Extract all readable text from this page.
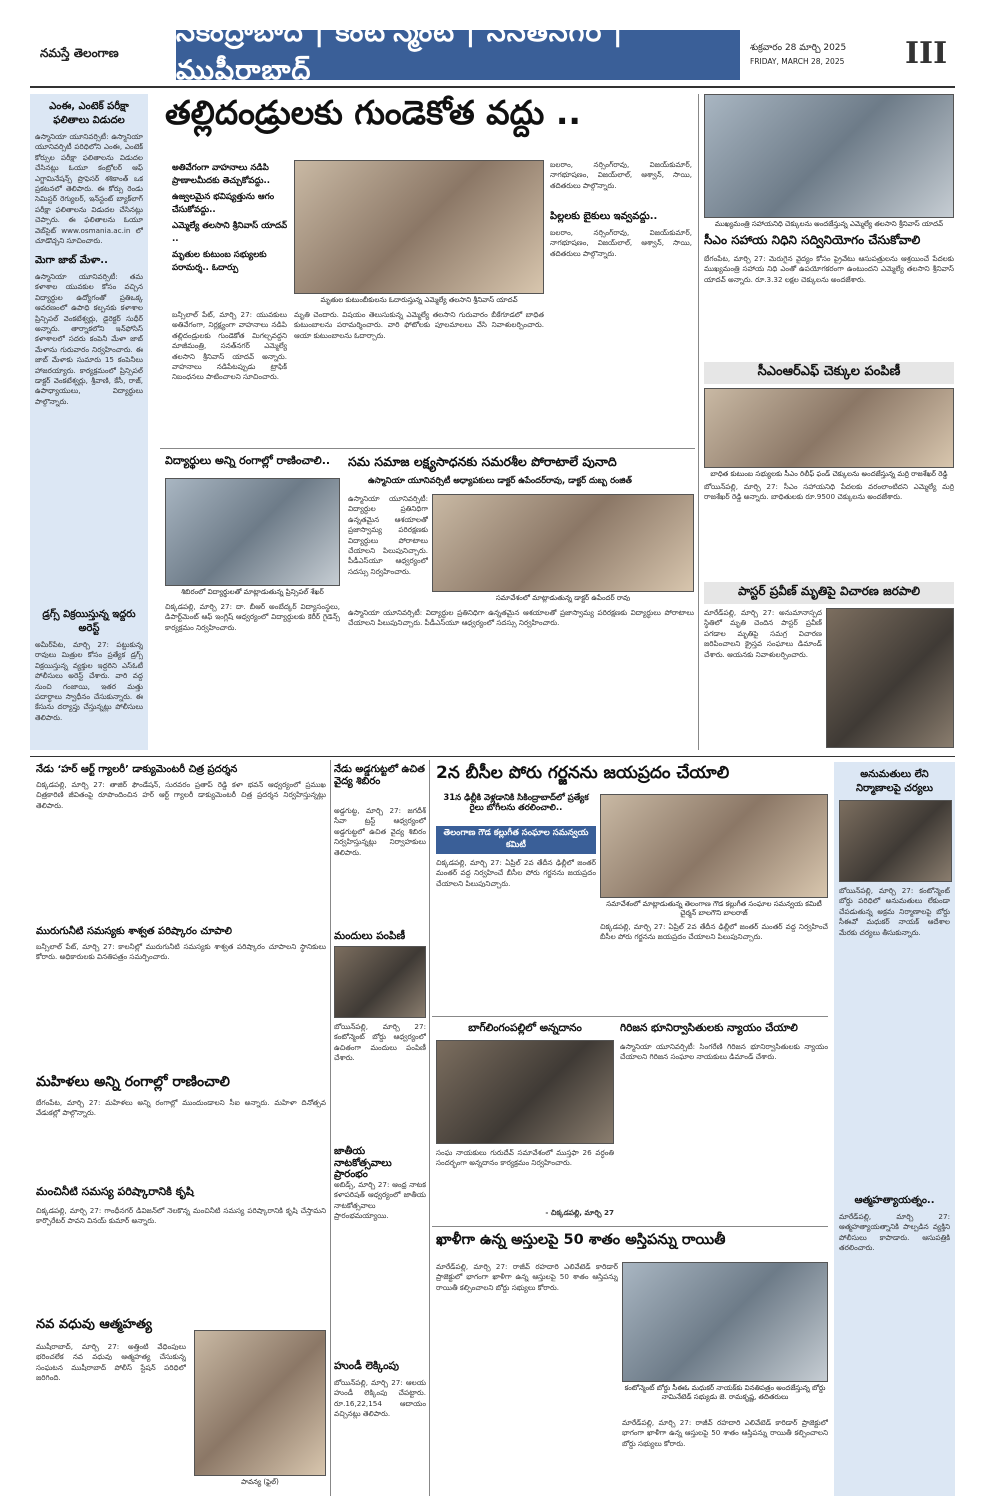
నమస్తే తెలంగాణ
సికింద్రాబాద్ | కంటోన్మెంట్ | సనత్‌నగర్ | ముషీరాబాద్
శుక్రవారం 28 మార్చి 2025
FRIDAY, MARCH 28, 2025	III
ఎంఈ, ఎంటెక్ పరీక్షా ఫలితాలు విడుదల
ఉస్మానియా యూనివర్సిటీ: ఉస్మానియా యూనివర్సిటీ పరిధిలోని ఎంఈ, ఎంటెక్ కోర్సుల పరీక్షా ఫలితాలను విడుదల చేసినట్లు ఓయూ కంట్రోలర్ ఆఫ్ ఎగ్జామినేషన్స్ ప్రొఫెసర్ శశికాంత్ ఒక ప్రకటనలో తెలిపారు. ఈ కోర్సు రెండు సెమిస్టర్ రెగ్యులర్, ఇన్‌స్టంట్ బ్యాక్‌లాగ్ పరీక్షా ఫలితాలను విడుదల చేసినట్లు చెప్పారు. ఈ ఫలితాలను ఓయూ వెబ్‌సైట్ www.osmania.ac.in లో చూడొచ్చని సూచించారు.
మెగా జాబ్ మేళా..
ఉస్మానియా యూనివర్సిటీ: తమ కళాశాల యువకుల కోసం వచ్చిన విద్యార్థుల ఉద్యోగంతో ప్రతిఒక్క ఆవరణంలో ఉపాధి కల్పనకు కళాశాల ప్రిన్సిపల్ వెంకటేశ్వర్లు, డైరెక్టర్ సుధీర్ అన్నారు. తార్నాకలోని ఇన్‌ఫోసిస్ కళాశాలలో సదరు కంపెనీ మేళా జాబ్ మేళాను గురువారం నిర్వహించారు. ఈ జాబ్ మేళాకు సుమారు 15 కంపెనీలు హాజరయ్యారు. కార్యక్రమంలో ప్రిన్సిపల్ డాక్టర్ వెంకటేశ్వర్లు, శ్రీవాణి, కేసీ, రాజ్, ఉపాధ్యాయులు, విద్యార్థులు పాల్గొన్నారు.
డ్రగ్స్ విక్రయిస్తున్న ఇద్దరు అరెస్ట్
అమీర్‌పేట, మార్చి 27: పట్టుకున్న రావులు మిత్రుల కోసం ప్రత్యేక డ్రగ్స్ విక్రయిస్తున్న వ్యక్తుల ఇద్దరిని ఎస్‌ఓటీ పోలీసులు అరెస్ట్ చేశారు. వారి వద్ద నుంచి గంజాయి, ఇతర మత్తు పదార్థాలు స్వాధీనం చేసుకున్నారు. ఈ కేసును దర్యాప్తు చేస్తున్నట్లు పోలీసులు తెలిపారు.
తల్లిదండ్రులకు గుండెకోత వద్దు ..
అతివేగంగా వాహనాలు నడిపి ప్రాణాలమీదకు తెచ్చుకోవద్దు..
ఉజ్వలమైన భవిష్యత్తును ఆగం చేసుకోవద్దు..
ఎమ్మెల్యే తలసాని శ్రీనివాస్ యాదవ్ ..
మృతుల కుటుంబ సభ్యులకు పరామర్శ.. ఓదార్పు
మృతుల కుటుంబీకులను ఓదారుస్తున్న ఎమ్మెల్యే తలసాని శ్రీనివాస్ యాదవ్
బలరాం, నర్సింగ్‌రావు, విజయ్‌కుమార్, నాగభూషణం, విజయ్‌లాల్, ఆశ్వాన్, సాయి, తదితరులు పాల్గొన్నారు.
పిల్లలకు బైకులు ఇవ్వవద్దు..
బన్సీలాల్‌ పేట్, మార్చి 27: యువకులు అతివేగంగా, నిర్లక్ష్యంగా వాహనాలు నడిపి తల్లిదండ్రులకు గుండెకోత మిగల్చవద్దని మాజీమంత్రి, సనత్‌నగర్ ఎమ్మెల్యే తలసాని శ్రీనివాస్ యాదవ్ అన్నారు. వాహనాలు నడిపేటప్పుడు ట్రాఫిక్ నిబంధనలు పాటించాలని సూచించారు.
మృతి చెందారు. విషయం తెలుసుకున్న ఎమ్మెల్యే తలసాని గురువారం బీకేగూడలో బాధిత కుటుంబాలను పరామర్శించారు. వారి ఫోటోలకు పూలమాలలు వేసి నివాళులర్పించారు. ఆయా కుటుంబాలను ఓదార్చారు.
బలరాం, నర్సింగ్‌రావు, విజయ్‌కుమార్, నాగభూషణం, విజయ్‌లాల్, ఆశ్వాన్, సాయి, తదితరులు పాల్గొన్నారు.
ముఖ్యమంత్రి సహాయనిధి చెక్కులను అందజేస్తున్న ఎమ్మెల్యే తలసాని శ్రీనివాస్ యాదవ్
సీఎం సహాయ నిధిని సద్వినియోగం చేసుకోవాలి
బేగంపేట, మార్చి 27: మెరుగైన వైద్యం కోసం ప్రైవేటు ఆసుపత్రులను ఆశ్రయించే పేదలకు ముఖ్యమంత్రి సహాయ నిధి ఎంతో ఉపయోగకరంగా ఉంటుందని ఎమ్మెల్యే తలసాని శ్రీనివాస్ యాదవ్ అన్నారు. రూ.3.32 లక్షల చెక్కులను అందజేశారు.
సీఎంఆర్ఎఫ్ చెక్కుల పంపిణీ
బాధిత కుటుంబ సభ్యులకు సీఎం రిలీఫ్ ఫండ్ చెక్కులను అందజేస్తున్న మర్రి రాజశేఖర్ రెడ్డి
బోయిన్‌పల్లి, మార్చి 27: సీఎం సహాయనిధి పేదలకు వరంలాంటిదని ఎమ్మెల్యే మర్రి రాజశేఖర్ రెడ్డి అన్నారు. బాధితులకు రూ.9500 చెక్కులను అందజేశారు.
పాస్టర్ ప్రవీణ్ మృతిపై విచారణ జరపాలి
మారేడ్‌పల్లి, మార్చి 27: అనుమానాస్పద స్థితిలో మృతి చెందిన పాస్టర్ ప్రవీణ్ పగడాల మృతిపై సమగ్ర విచారణ జరిపించాలని క్రైస్తవ సంఘాలు డిమాండ్ చేశారు. ఆయనకు నివాళులర్పించారు.
విద్యార్థులు అన్ని రంగాల్లో రాణించాలి..
శిబిరంలో విద్యార్థులతో మాట్లాడుతున్న ప్రిన్సిపల్ శేఖర్
చిక్కడపల్లి, మార్చి 27: దా. బీఆర్ అంబేద్కర్ విద్యాసంస్థలు, డిపార్ట్‌మెంట్ ఆఫ్ ఇంగ్లిష్ ఆధ్వర్యంలో విద్యార్థులకు కెరీర్ గైడెన్స్ కార్యక్రమం నిర్వహించారు.
సమ సమాజ లక్ష్యసాధనకు సమరశీల పోరాటాలే పునాది
ఉస్మానియా యూనివర్సిటీ అధ్యాపకులు డాక్టర్ ఉపేందర్‌రావు, డాక్టర్ దుబ్బ రంజిత్
ఉస్మానియా యూనివర్సిటీ: విద్యార్థుల ప్రతినిధిగా ఉన్నతమైన ఆశయాలతో ప్రజాస్వామ్య పరిరక్షణకు విద్యార్థులు పోరాటాలు చేయాలని పిలుపునిచ్చారు. పీడీఎస్‌యూ ఆధ్వర్యంలో సదస్సు నిర్వహించారు.
సమావేశంలో మాట్లాడుతున్న డాక్టర్ ఉపేందర్ రావు
ఉస్మానియా యూనివర్సిటీ: విద్యార్థుల ప్రతినిధిగా ఉన్నతమైన ఆశయాలతో ప్రజాస్వామ్య పరిరక్షణకు విద్యార్థులు పోరాటాలు చేయాలని పిలుపునిచ్చారు. పీడీఎస్‌యూ ఆధ్వర్యంలో సదస్సు నిర్వహించారు.
నేడు ‘హర్ ఆర్ట్ గ్యాలరీ’ డాక్యుమెంటరీ చిత్ర ప్రదర్శన
చిక్కడపల్లి, మార్చి 27: తాజిర్ ఫౌండేషన్, సురవరం ప్రతాప్ రెడ్డి కళా భవన్ ఆధ్వర్యంలో ప్రముఖ చిత్రకారిణి జీవితంపై రూపొందించిన హర్ ఆర్ట్ గ్యాలరీ డాక్యుమెంటరీ చిత్ర ప్రదర్శన నిర్వహిస్తున్నట్లు తెలిపారు.
మురుగునీటి సమస్యకు శాశ్వత పరిష్కారం చూపాలి
బన్సీలాల్ పేట్, మార్చి 27: కాలనీల్లో మురుగునీటి సమస్యకు శాశ్వత పరిష్కారం చూపాలని స్థానికులు కోరారు. అధికారులకు వినతిపత్రం సమర్పించారు.
మహిళలు అన్ని రంగాల్లో రాణించాలి
బేగంపేట, మార్చి 27: మహిళలు అన్ని రంగాల్లో ముందుండాలని సీఐ అన్నారు. మహిళా దినోత్సవ వేడుకల్లో పాల్గొన్నారు.
మంచినీటి సమస్య పరిష్కారానికి కృషి
చిక్కడపల్లి, మార్చి 27: గాంధీనగర్ డివిజన్‌లో నెలకొన్న మంచినీటి సమస్య పరిష్కారానికి కృషి చేస్తామని కార్పొరేటర్ పావని వినయ్ కుమార్ అన్నారు.
నవ వధువు ఆత్మహత్య
ముషీరాబాద్, మార్చి 27: అత్తింటి వేధింపులు భరించలేక నవ వధువు ఆత్మహత్య చేసుకున్న సంఘటన ముషీరాబాద్ పోలీస్ స్టేషన్ పరిధిలో జరిగింది.
పావన్య (ఫైల్)
నేడు అడ్డగుట్టలో ఉచిత వైద్య శిబిరం
అడ్డగుట్ట, మార్చి 27: జగదీశ్ సేవా ట్రస్ట్ ఆధ్వర్యంలో అడ్డగుట్టలో ఉచిత వైద్య శిబిరం నిర్వహిస్తున్నట్లు నిర్వాహకులు తెలిపారు.
మందులు పంపిణీ
బోయిన్‌పల్లి, మార్చి 27: కంటోన్మెంట్ బోర్డు ఆధ్వర్యంలో ఉచితంగా మందులు పంపిణీ చేశారు.
జాతీయ నాటకోత్సవాలు ప్రారంభం
అబిడ్స్, మార్చి 27: ఆంధ్ర నాటక కళాపరిషత్ ఆధ్వర్యంలో జాతీయ నాటకోత్సవాలు ప్రారంభమయ్యాయి.
హుండీ లెక్కింపు
బోయిన్‌పల్లి, మార్చి 27: ఆలయ హుండీ లెక్కింపు చేపట్టారు. రూ.16,22,154 ఆదాయం వచ్చినట్లు తెలిపారు.
2న బీసీల పోరు గర్జనను జయప్రదం చేయాలి
31న ఢిల్లీకి వెళ్లడానికి సికింద్రాబాద్‌లో ప్రత్యేక రైలు బోగీలను తరలించాలి..
తెలంగాణ గౌడ కల్లుగీత సంఘాల సమన్వయ కమిటీ
సమావేశంలో మాట్లాడుతున్న తెలంగాణ గౌడ కల్లుగీత సంఘాల సమన్వయ కమిటీ చైర్మన్ బాలగౌని బాలరాజ్
చిక్కడపల్లి, మార్చి 27: ఏప్రిల్ 2వ తేదీన ఢిల్లీలో జంతర్ మంతర్ వద్ద నిర్వహించే బీసీల పోరు గర్జనను జయప్రదం చేయాలని పిలుపునిచ్చారు.
చిక్కడపల్లి, మార్చి 27: ఏప్రిల్ 2వ తేదీన ఢిల్లీలో జంతర్ మంతర్ వద్ద నిర్వహించే బీసీల పోరు గర్జనను జయప్రదం చేయాలని పిలుపునిచ్చారు.
బాగ్‌లింగంపల్లిలో అన్నదానం
సంఘ నాయకులు గురుదేవ్ సమావేశంలో ముస్తఫా 26 వర్ధంతి సందర్భంగా అన్నదానం కార్యక్రమం నిర్వహించారు.
- చిక్కడపల్లి, మార్చి 27
గిరిజన భూనిర్వాసితులకు న్యాయం చేయాలి
ఉస్మానియా యూనివర్సిటీ: సింగరేణి గిరిజన భూనిర్వాసితులకు న్యాయం చేయాలని గిరిజన సంఘాల నాయకులు డిమాండ్ చేశారు.
ఖాళీగా ఉన్న అస్తులపై 50 శాతం అస్తిపన్ను రాయితీ
మారేడ్‌పల్లి, మార్చి 27: రాజీవ్ రహదారి ఎలివేటెడ్ కారిడార్ ప్రాజెక్టులో భాగంగా ఖాళీగా ఉన్న ఆస్తులపై 50 శాతం ఆస్తిపన్ను రాయితీ కల్పించాలని బోర్డు సభ్యులు కోరారు.
కంటోన్మెంట్ బోర్డు సీఈఓ మధుకర్ నాయక్‌కు వినతిపత్రం అందజేస్తున్న బోర్డు నామినేటెడ్ సభ్యుడు జె. రామకృష్ణ, తదితరులు
మారేడ్‌పల్లి, మార్చి 27: రాజీవ్ రహదారి ఎలివేటెడ్ కారిడార్ ప్రాజెక్టులో భాగంగా ఖాళీగా ఉన్న ఆస్తులపై 50 శాతం ఆస్తిపన్ను రాయితీ కల్పించాలని బోర్డు సభ్యులు కోరారు.
అనుమతులు లేని నిర్మాణాలపై చర్యలు
బోయిన్‌పల్లి, మార్చి 27: కంటోన్మెంట్ బోర్డు పరిధిలో అనుమతులు లేకుండా చేపడుతున్న అక్రమ నిర్మాణాలపై బోర్డు సీఈవో మధుకర్ నాయక్ ఆదేశాల మేరకు చర్యలు తీసుకున్నారు.
ఆత్మహత్యాయత్నం..
మారేడ్‌పల్లి, మార్చి 27: ఆత్మహత్యాయత్నానికి పాల్పడిన వ్యక్తిని పోలీసులు కాపాడారు. ఆసుపత్రికి తరలించారు.
